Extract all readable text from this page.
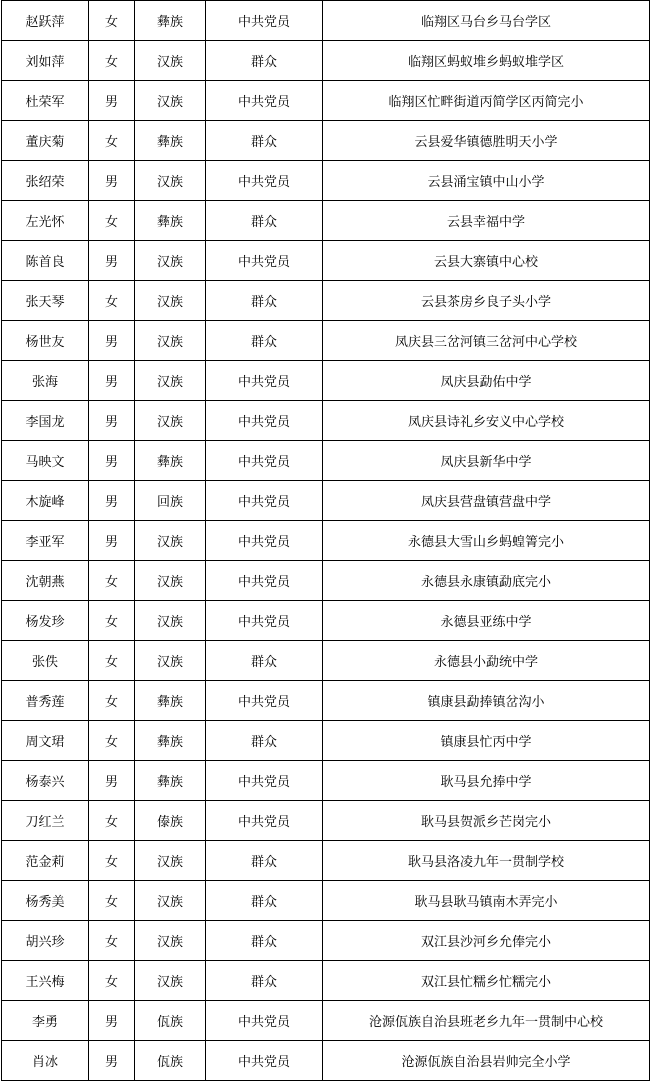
赵跃萍	女	彝族	中共党员	临翔区马台乡马台学区
刘如萍	女	汉族	群众	临翔区蚂蚁堆乡蚂蚁堆学区
杜荣军	男	汉族	中共党员	临翔区忙畔街道丙简学区丙简完小
董庆菊	女	彝族	群众	云县爱华镇德胜明天小学
张绍荣	男	汉族	中共党员	云县涌宝镇中山小学
左光怀	女	彝族	群众	云县幸福中学
陈首良	男	汉族	中共党员	云县大寨镇中心校
张天琴	女	汉族	群众	云县茶房乡良子头小学
杨世友	男	汉族	群众	凤庆县三岔河镇三岔河中心学校
张海	男	汉族	中共党员	凤庆县勐佑中学
李国龙	男	汉族	中共党员	凤庆县诗礼乡安义中心学校
马映文	男	彝族	中共党员	凤庆县新华中学
木旋峰	男	回族	中共党员	凤庆县营盘镇营盘中学
李亚军	男	汉族	中共党员	永德县大雪山乡蚂蝗箐完小
沈朝燕	女	汉族	中共党员	永德县永康镇勐底完小
杨发珍	女	汉族	中共党员	永德县亚练中学
张佚	女	汉族	群众	永德县小勐统中学
普秀莲	女	彝族	中共党员	镇康县勐捧镇岔沟小
周文珺	女	彝族	群众	镇康县忙丙中学
杨泰兴	男	彝族	中共党员	耿马县允捧中学
刀红兰	女	傣族	中共党员	耿马县贺派乡芒岗完小
范金莉	女	汉族	群众	耿马县洛凌九年一贯制学校
杨秀美	女	汉族	群众	耿马县耿马镇南木弄完小
胡兴珍	女	汉族	群众	双江县沙河乡允俸完小
王兴梅	女	汉族	群众	双江县忙糯乡忙糯完小
李勇	男	佤族	中共党员	沧源佤族自治县班老乡九年一贯制中心校
肖冰	男	佤族	中共党员	沧源佤族自治县岩帅完全小学
